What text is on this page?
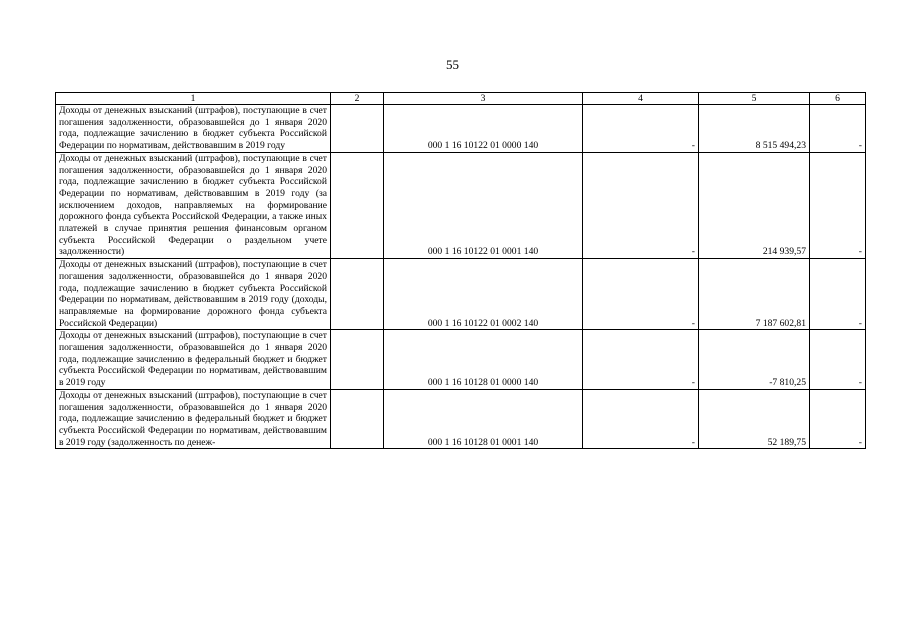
55
1	2	3	4	5	6
Доходы от денежных взысканий (штрафов), поступающие в счет погашения задолженности, образовавшейся до 1 января 2020 года, подлежащие зачислению в бюджет субъекта Российской Федерации по нормативам, действовавшим в 2019 году		000 1 16 10122 01 0000 140	-	8 515 494,23	-
Доходы от денежных взысканий (штрафов), поступающие в счет погашения задолженности, образовавшейся до 1 января 2020 года, подлежащие зачислению в бюджет субъекта Российской Федерации по нормативам, действовавшим в 2019 году (за исключением доходов, направляемых на формирование дорожного фонда субъекта Российской Федерации, а также иных платежей в случае принятия решения финансовым органом субъекта Российской Федерации о раздельном учете задолженности)		000 1 16 10122 01 0001 140	-	214 939,57	-
Доходы от денежных взысканий (штрафов), поступающие в счет погашения задолженности, образовавшейся до 1 января 2020 года, подлежащие зачислению в бюджет субъекта Российской Федерации по нормативам, действовавшим в 2019 году (доходы, направляемые на формирование дорожного фонда субъекта Российской Федерации)		000 1 16 10122 01 0002 140	-	7 187 602,81	-
Доходы от денежных взысканий (штрафов), поступающие в счет погашения задолженности, образовавшейся до 1 января 2020 года, подлежащие зачислению в федеральный бюджет и бюджет субъекта Российской Федерации по нормативам, действовавшим в 2019 году		000 1 16 10128 01 0000 140	-	-7 810,25	-
Доходы от денежных взысканий (штрафов), поступающие в счет погашения задолженности, образовавшейся до 1 января 2020 года, подлежащие зачислению в федеральный бюджет и бюджет субъекта Российской Федерации по нормативам, действовавшим в 2019 году (задолженность по денеж-		000 1 16 10128 01 0001 140	-	52 189,75	-
